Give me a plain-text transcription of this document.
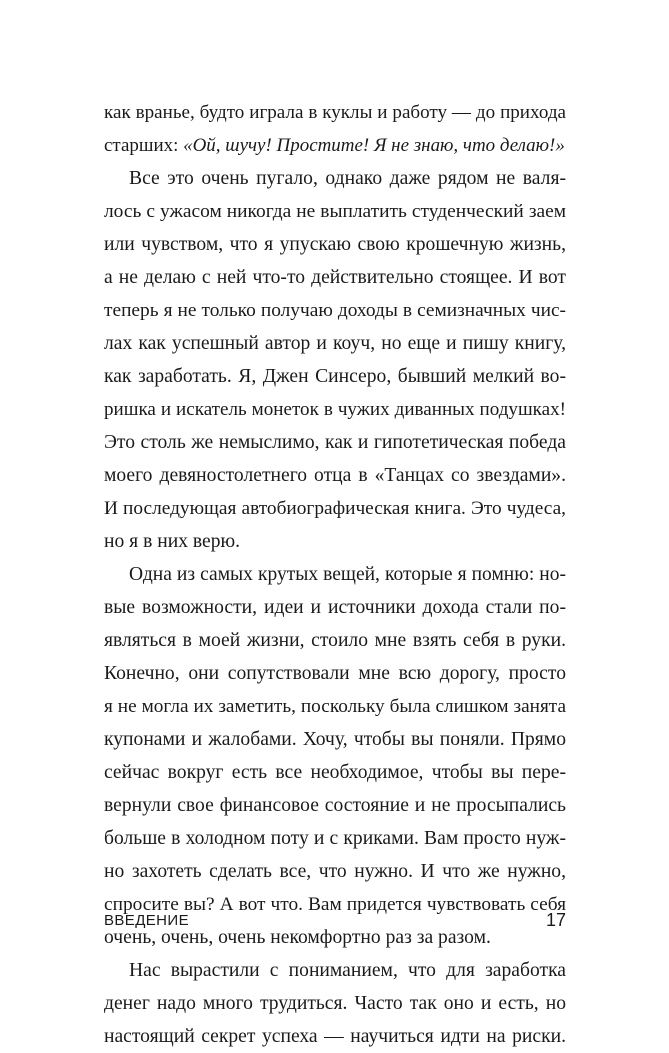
как вранье, будто играла в куклы и работу — до прихода
старших: «Ой, шучу! Простите! Я не знаю, что делаю!»
Все это очень пугало, однако даже рядом не валя-
лось с ужасом никогда не выплатить студенческий заем
или чувством, что я упускаю свою крошечную жизнь,
а не делаю с ней что-то действительно стоящее. И вот
теперь я не только получаю доходы в семизначных чис-
лах как успешный автор и коуч, но еще и пишу книгу,
как заработать. Я, Джен Синсеро, бывший мелкий во-
ришка и искатель монеток в чужих диванных подушках!
Это столь же немыслимо, как и гипотетическая победа
моего девяностолетнего отца в «Танцах со звездами».
И последующая автобиографическая книга. Это чудеса,
но я в них верю.
Одна из самых крутых вещей, которые я помню: но-
вые возможности, идеи и источники дохода стали по-
являться в моей жизни, стоило мне взять себя в руки.
Конечно, они сопутствовали мне всю дорогу, просто
я не могла их заметить, поскольку была слишком занята
купонами и жалобами. Хочу, чтобы вы поняли. Прямо
сейчас вокруг есть все необходимое, чтобы вы пере-
вернули свое финансовое состояние и не просыпались
больше в холодном поту и с криками. Вам просто нуж-
но захотеть сделать все, что нужно. И что же нужно,
спросите вы? А вот что. Вам придется чувствовать себя
очень, очень, очень некомфортно раз за разом.
Нас вырастили с пониманием, что для заработка
денег надо много трудиться. Часто так оно и есть, но
настоящий секрет успеха — научиться идти на риски.
ВВЕДЕНИЕ	17
